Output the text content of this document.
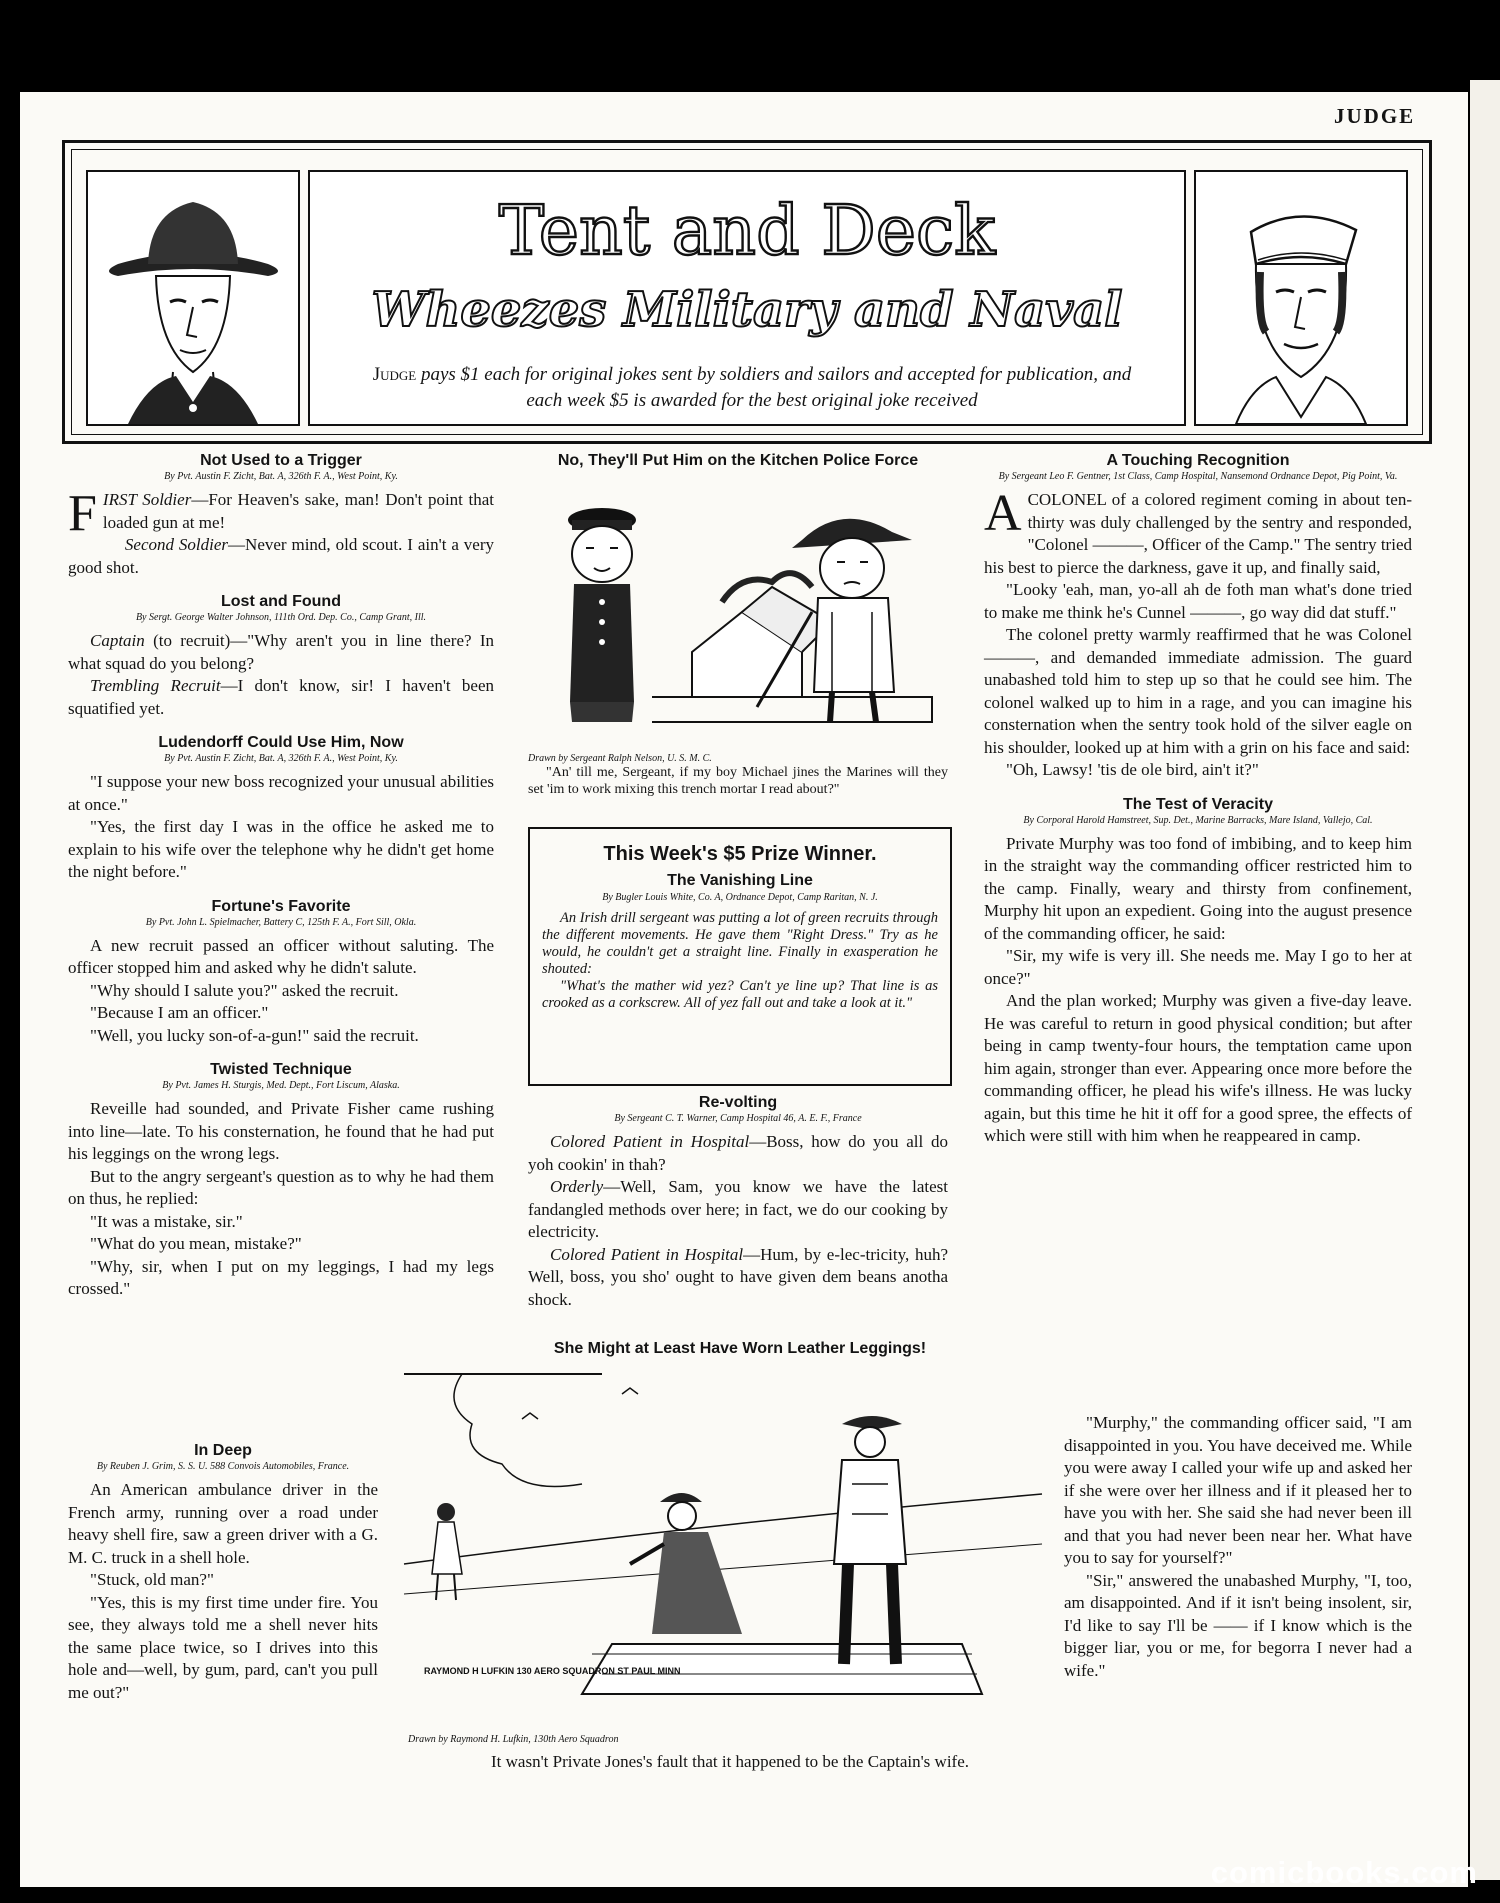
JUDGE
Tent and Deck
Wheezes Military and Naval
Judge pays $1 each for original jokes sent by soldiers and sailors and accepted for publication, and each week $5 is awarded for the best original joke received
Not Used to a Trigger
By Pvt. Austin F. Zicht, Bat. A, 326th F. A., West Point, Ky.

FIRST Soldier—For Heaven's sake, man! Don't point that loaded gun at me!

Second Soldier—Never mind, old scout. I ain't a very good shot.

Lost and Found
By Sergt. George Walter Johnson, 111th Ord. Dep. Co., Camp Grant, Ill.

Captain (to recruit)—"Why aren't you in line there? In what squad do you belong?

Trembling Recruit—I don't know, sir! I haven't been squatified yet.

Ludendorff Could Use Him, Now
By Pvt. Austin F. Zicht, Bat. A, 326th F. A., West Point, Ky.

"I suppose your new boss recognized your unusual abilities at once."

"Yes, the first day I was in the office he asked me to explain to his wife over the telephone why he didn't get home the night before."

Fortune's Favorite
By Pvt. John L. Spielmacher, Battery C, 125th F. A., Fort Sill, Okla.

A new recruit passed an officer without saluting. The officer stopped him and asked why he didn't salute.

"Why should I salute you?" asked the recruit.

"Because I am an officer."

"Well, you lucky son-of-a-gun!" said the recruit.

Twisted Technique
By Pvt. James H. Sturgis, Med. Dept., Fort Liscum, Alaska.

Reveille had sounded, and Private Fisher came rushing into line—late. To his consternation, he found that he had put his leggings on the wrong legs.

But to the angry sergeant's question as to why he had them on thus, he replied:

"It was a mistake, sir."

"What do you mean, mistake?"

"Why, sir, when I put on my leggings, I had my legs crossed."

In Deep
By Reuben J. Grim, S. S. U. 588 Convois Automobiles, France.

An American ambulance driver in the French army, running over a road under heavy shell fire, saw a green driver with a G. M. C. truck in a shell hole.

"Stuck, old man?"

"Yes, this is my first time under fire. You see, they always told me a shell never hits the same place twice, so I drives into this hole and—well, by gum, pard, can't you pull me out?"

No, They'll Put Him on the Kitchen Police Force
Drawn by Sergeant Ralph Nelson, U. S. M. C.

"An' till me, Sergeant, if my boy Michael jines the Marines will they set 'im to work mixing this trench mortar I read about?"

This Week's $5 Prize Winner.
The Vanishing Line
By Bugler Louis White, Co. A, Ordnance Depot, Camp Raritan, N. J.

An Irish drill sergeant was putting a lot of green recruits through the different movements. He gave them "Right Dress." Try as he would, he couldn't get a straight line. Finally in exasperation he shouted:

"What's the mather wid yez? Can't ye line up? That line is as crooked as a corkscrew. All of yez fall out and take a look at it."

Re-volting
By Sergeant C. T. Warner, Camp Hospital 46, A. E. F., France

Colored Patient in Hospital—Boss, how do you all do yoh cookin' in thah?

Orderly—Well, Sam, you know we have the latest fandangled methods over here; in fact, we do our cooking by electricity.

Colored Patient in Hospital—Hum, by e-lec-tricity, huh? Well, boss, you sho' ought to have given dem beans anotha shock.

She Might at Least Have Worn Leather Leggings!
RAYMOND H LUFKIN 130 AERO SQUADRON ST PAUL MINN
Drawn by Raymond H. Lufkin, 130th Aero Squadron
It wasn't Private Jones's fault that it happened to be the Captain's wife.
A Touching Recognition
By Sergeant Leo F. Gentner, 1st Class, Camp Hospital, Nansemond Ordnance Depot, Pig Point, Va.

ACOLONEL of a colored regiment coming in about ten-thirty was duly challenged by the sentry and responded, "Colonel ———, Officer of the Camp." The sentry tried his best to pierce the darkness, gave it up, and finally said,

"Looky 'eah, man, yo-all ah de foth man what's done tried to make me think he's Cunnel ———, go way did dat stuff."

The colonel pretty warmly reaffirmed that he was Colonel ———, and demanded immediate admission. The guard unabashed told him to step up so that he could see him. The colonel walked up to him in a rage, and you can imagine his consternation when the sentry took hold of the silver eagle on his shoulder, looked up at him with a grin on his face and said:

"Oh, Lawsy! 'tis de ole bird, ain't it?"

The Test of Veracity
By Corporal Harold Hamstreet, Sup. Det., Marine Barracks, Mare Island, Vallejo, Cal.

Private Murphy was too fond of imbibing, and to keep him in the straight way the commanding officer restricted him to the camp. Finally, weary and thirsty from confinement, Murphy hit upon an expedient. Going into the august presence of the commanding officer, he said:

"Sir, my wife is very ill. She needs me. May I go to her at once?"

And the plan worked; Murphy was given a five-day leave. He was careful to return in good physical condition; but after being in camp twenty-four hours, the temptation came upon him again, stronger than ever. Appearing once more before the commanding officer, he plead his wife's illness. He was lucky again, but this time he hit it off for a good spree, the effects of which were still with him when he reappeared in camp.

"Murphy," the commanding officer said, "I am disappointed in you. You have deceived me. While you were away I called your wife up and asked her if she were over her illness and if it pleased her to have you with her. She said she had never been ill and that you had never been near her. What have you to say for yourself?"

"Sir," answered the unabashed Murphy, "I, too, am disappointed. And if it isn't being insolent, sir, I'd like to say I'll be —— if I know which is the bigger liar, you or me, for begorra I never had a wife."

comicbooks.com
